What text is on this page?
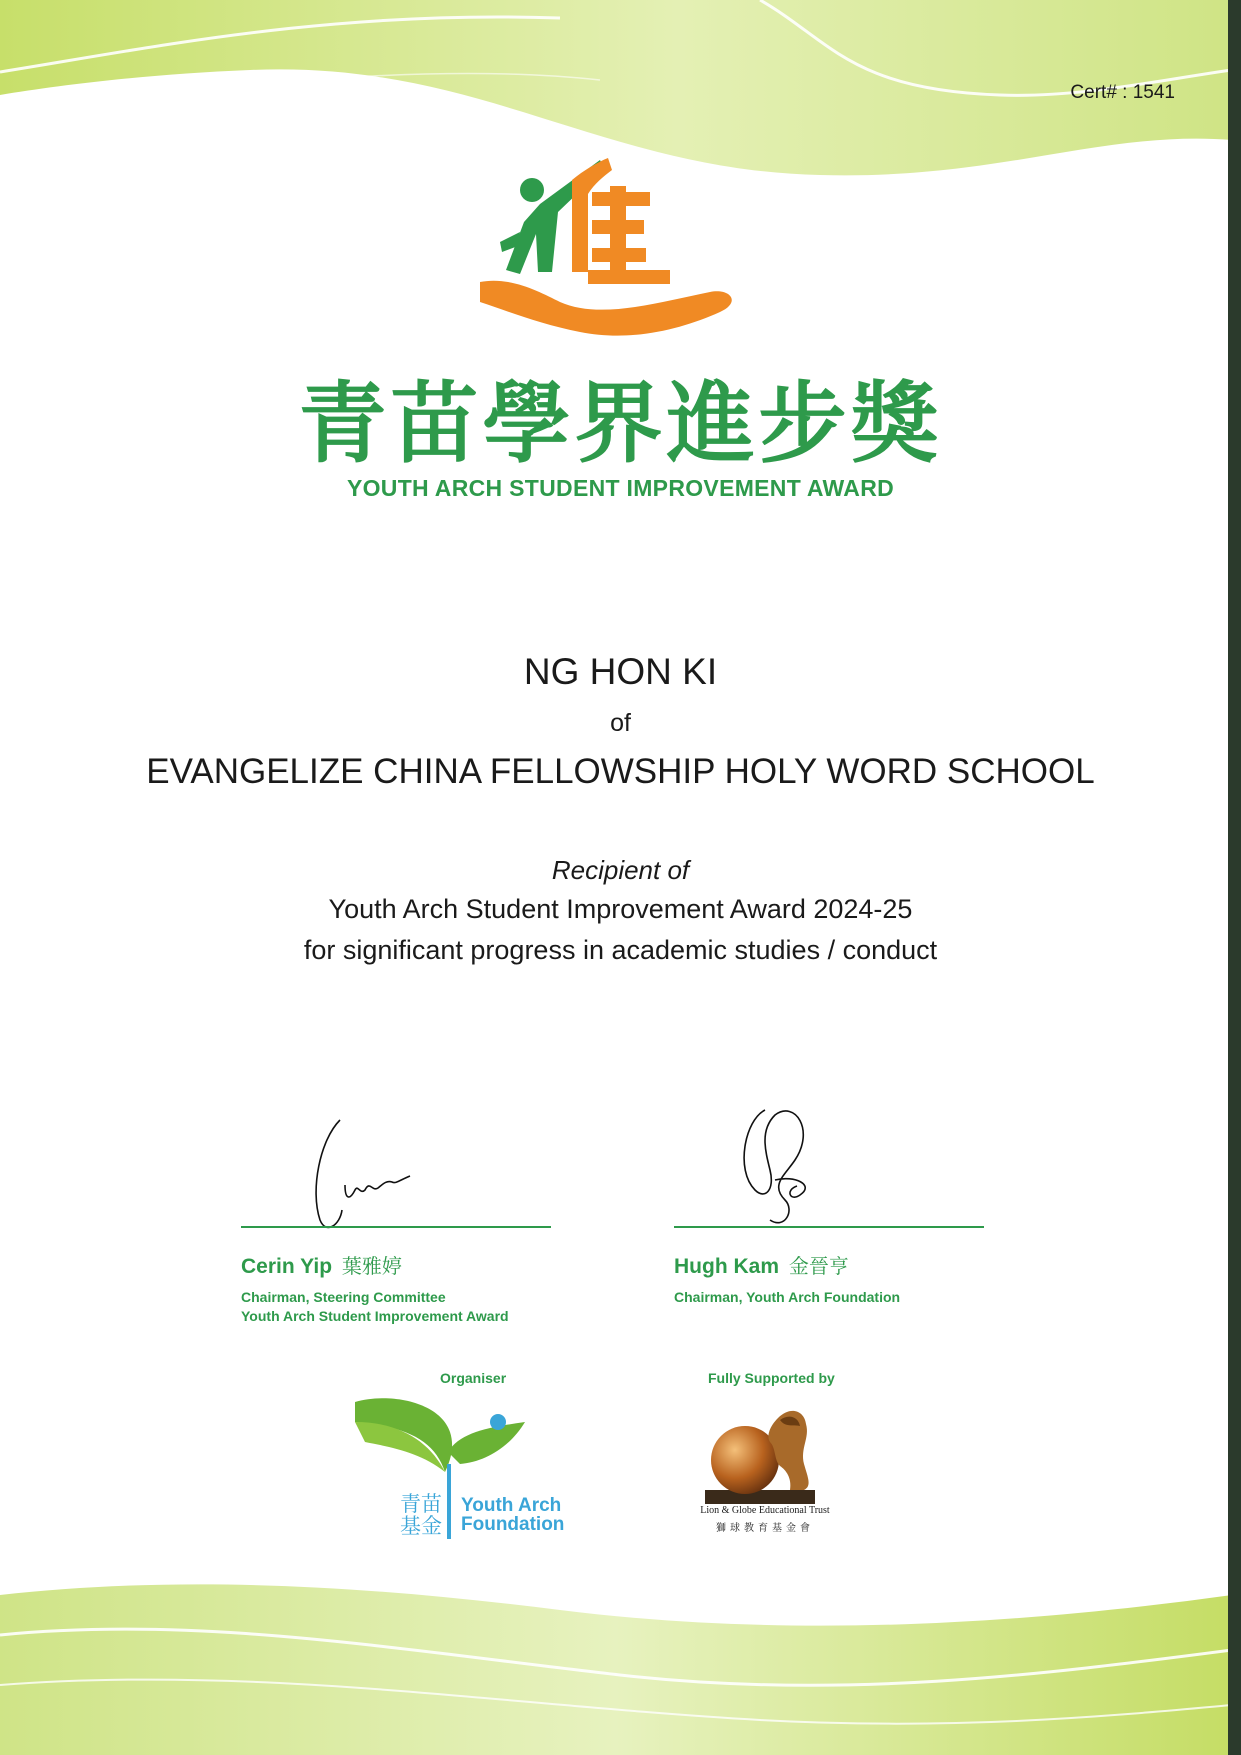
Cert# : 1541
青苗學界進步獎
YOUTH ARCH STUDENT IMPROVEMENT AWARD
NG HON KI
of
EVANGELIZE CHINA FELLOWSHIP HOLY WORD SCHOOL
Recipient of
Youth Arch Student Improvement Award 2024-25
for significant progress in academic studies / conduct
Cerin Yip 葉雅婷
Chairman, Steering Committee
Youth Arch Student Improvement Award
Hugh Kam 金晉亨
Chairman, Youth Arch Foundation
Organiser
青苗基金
Youth Arch
Foundation
Fully Supported by
Lion & Globe Educational Trust
獅球教育基金會
